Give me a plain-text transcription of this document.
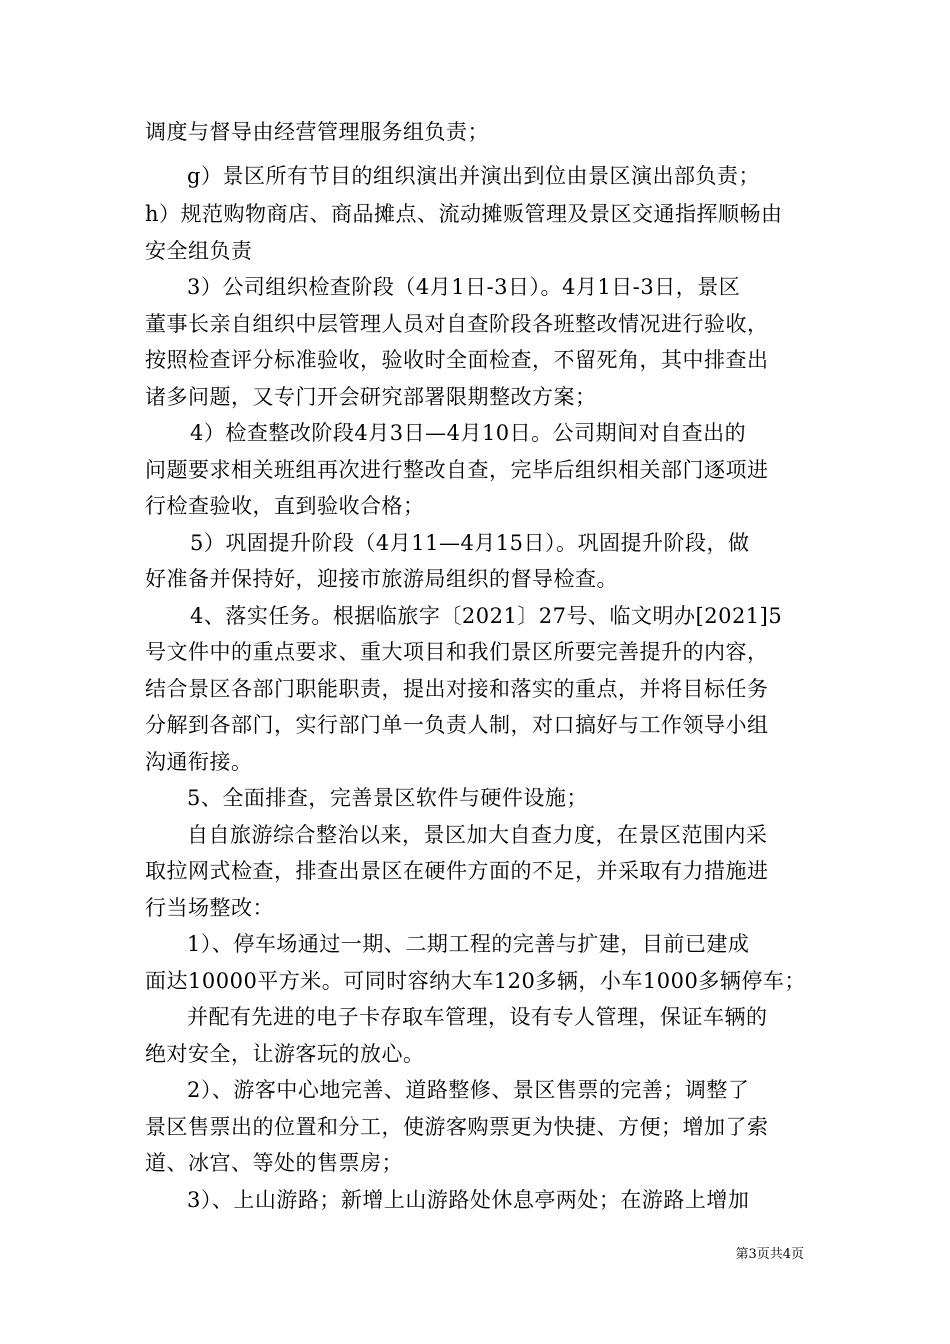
调度与督导由经营管理服务组负责；
g）景区所有节目的组织演出并演出到位由景区演出部负责；
h）规范购物商店、商品摊点、流动摊贩管理及景区交通指挥顺畅由
安全组负责
3）公司组织检查阶段（4月1日-3日）。4月1日-3日，景区
董事长亲自组织中层管理人员对自查阶段各班整改情况进行验收，
按照检查评分标准验收，验收时全面检查，不留死角，其中排查出
诸多问题，又专门开会研究部署限期整改方案；
4）检查整改阶段4月3日—4月10日。公司期间对自查出的
问题要求相关班组再次进行整改自查，完毕后组织相关部门逐项进
行检查验收，直到验收合格；
5）巩固提升阶段（4月11—4月15日）。巩固提升阶段，做
好准备并保持好，迎接市旅游局组织的督导检查。
4、落实任务。根据临旅字〔2021〕27号、临文明办[2021]5
号文件中的重点要求、重大项目和我们景区所要完善提升的内容，
结合景区各部门职能职责，提出对接和落实的重点，并将目标任务
分解到各部门，实行部门单一负责人制，对口搞好与工作领导小组
沟通衔接。
5、全面排查，完善景区软件与硬件设施；
自自旅游综合整治以来，景区加大自查力度，在景区范围内采
取拉网式检查，排查出景区在硬件方面的不足，并采取有力措施进
行当场整改：
1）、停车场通过一期、二期工程的完善与扩建，目前已建成
面达10000平方米。可同时容纳大车120多辆，小车1000多辆停车；
并配有先进的电子卡存取车管理，设有专人管理，保证车辆的
绝对安全，让游客玩的放心。
2）、游客中心地完善、道路整修、景区售票的完善；调整了
景区售票出的位置和分工，使游客购票更为快捷、方便；增加了索
道、冰宫、等处的售票房；
3）、上山游路；新增上山游路处休息亭两处；在游路上增加
第3页共4页
